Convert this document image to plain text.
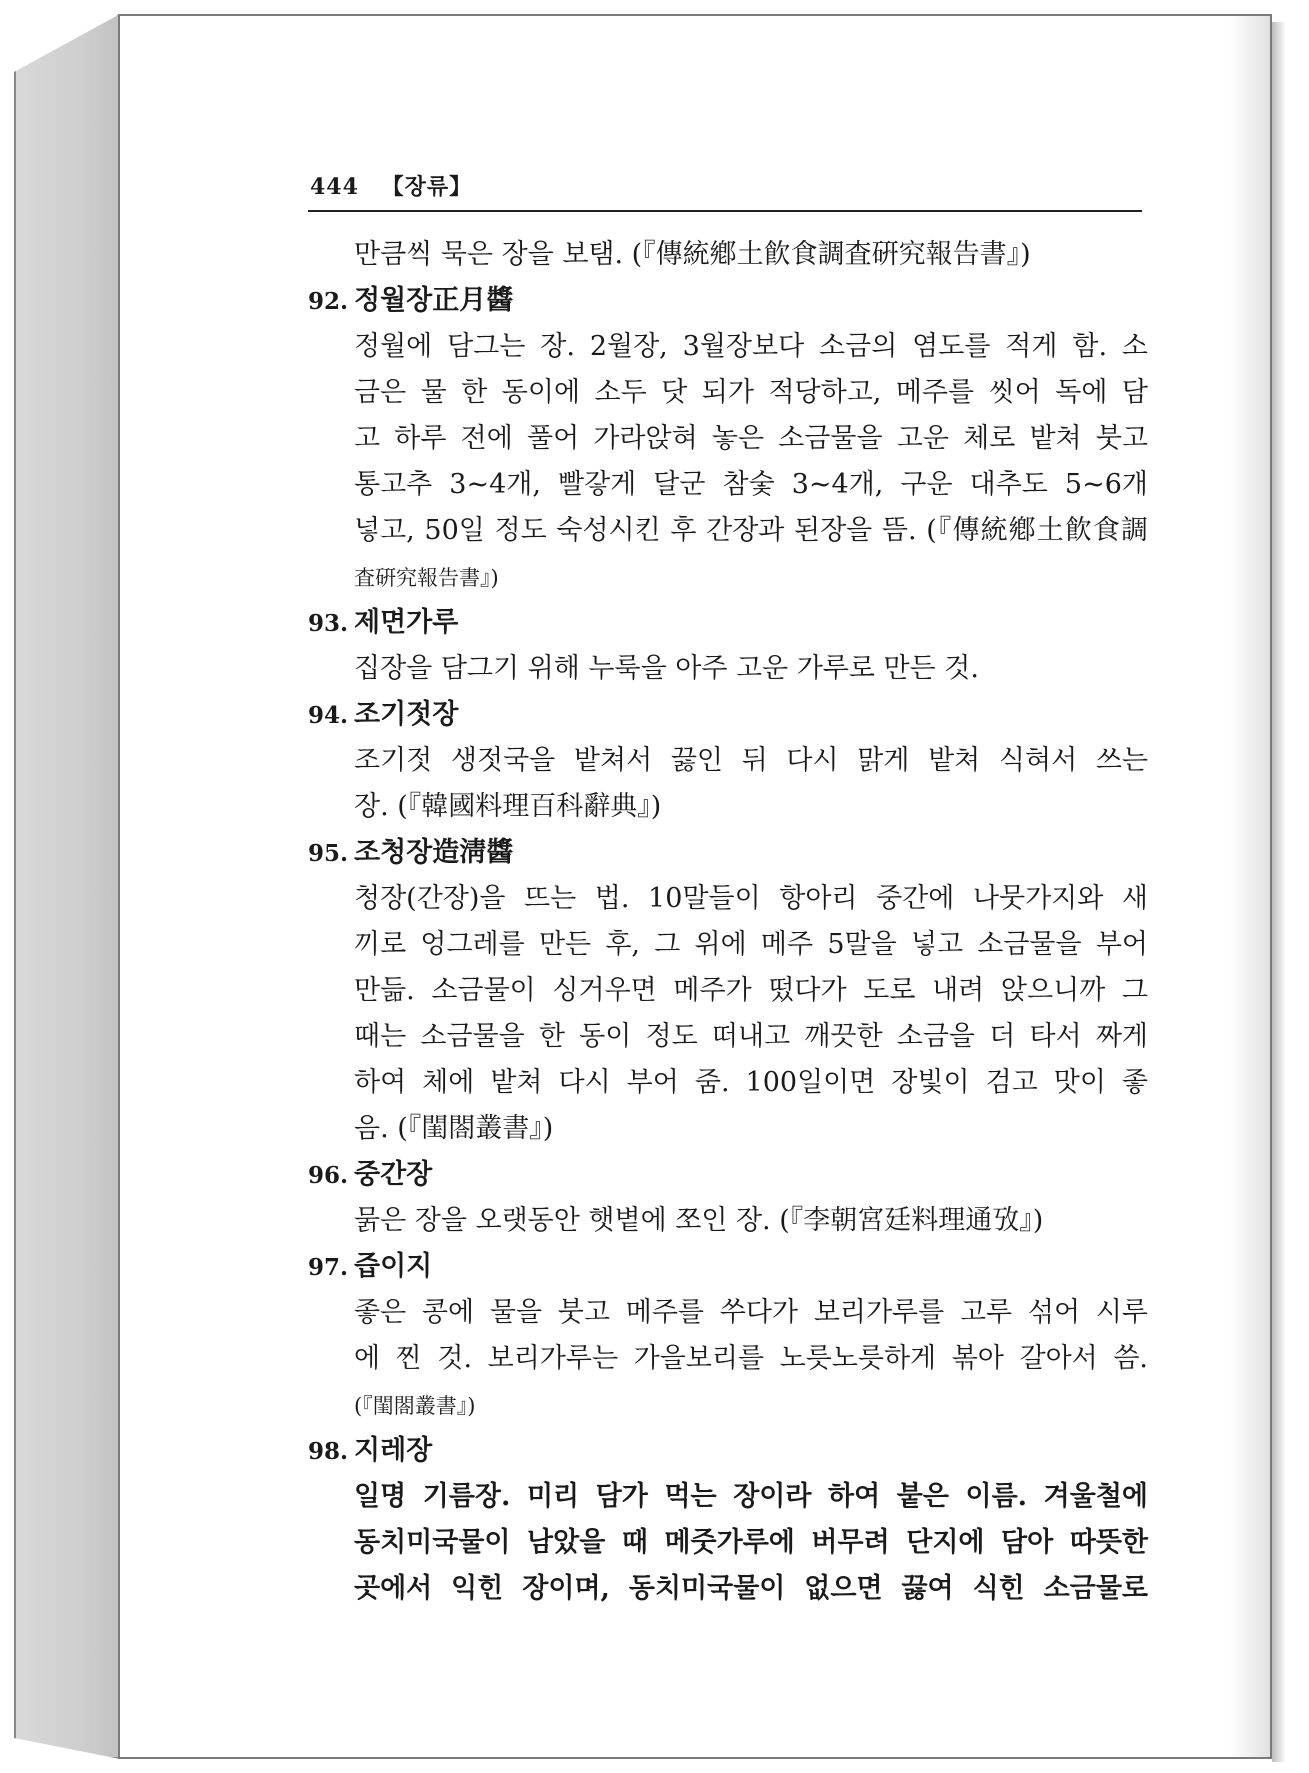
444 【장류】
만큼씩 묵은 장을 보탬. (『傳統鄕土飮食調査硏究報告書』)
92. 정월장正月醬
정월에 담그는 장. 2월장, 3월장보다 소금의 염도를 적게 함. 소
금은 물 한 동이에 소두 닷 되가 적당하고, 메주를 씻어 독에 담
고 하루 전에 풀어 가라앉혀 놓은 소금물을 고운 체로 밭쳐 붓고
통고추 3~4개, 빨갛게 달군 참숯 3~4개, 구운 대추도 5~6개
넣고, 50일 정도 숙성시킨 후 간장과 된장을 뜸. (『傳統鄕土飮食調
査硏究報告書』)
93. 제면가루
집장을 담그기 위해 누룩을 아주 고운 가루로 만든 것.
94. 조기젓장
조기젓 생젓국을 밭쳐서 끓인 뒤 다시 맑게 밭쳐 식혀서 쓰는
장. (『韓國料理百科辭典』)
95. 조청장造淸醬
청장(간장)을 뜨는 법. 10말들이 항아리 중간에 나뭇가지와 새
끼로 엉그레를 만든 후, 그 위에 메주 5말을 넣고 소금물을 부어
만듦. 소금물이 싱거우면 메주가 떴다가 도로 내려 앉으니까 그
때는 소금물을 한 동이 정도 떠내고 깨끗한 소금을 더 타서 짜게
하여 체에 밭쳐 다시 부어 줌. 100일이면 장빛이 검고 맛이 좋
음. (『閨閤叢書』)
96. 중간장
묽은 장을 오랫동안 햇볕에 쪼인 장. (『李朝宮廷料理通攷』)
97. 즙이지
좋은 콩에 물을 붓고 메주를 쑤다가 보리가루를 고루 섞어 시루
에 찐 것. 보리가루는 가을보리를 노릇노릇하게 볶아 갈아서 씀.
(『閨閤叢書』)
98. 지레장
일명 기름장. 미리 담가 먹는 장이라 하여 붙은 이름. 겨울철에
동치미국물이 남았을 때 메줏가루에 버무려 단지에 담아 따뜻한
곳에서 익힌 장이며, 동치미국물이 없으면 끓여 식힌 소금물로
